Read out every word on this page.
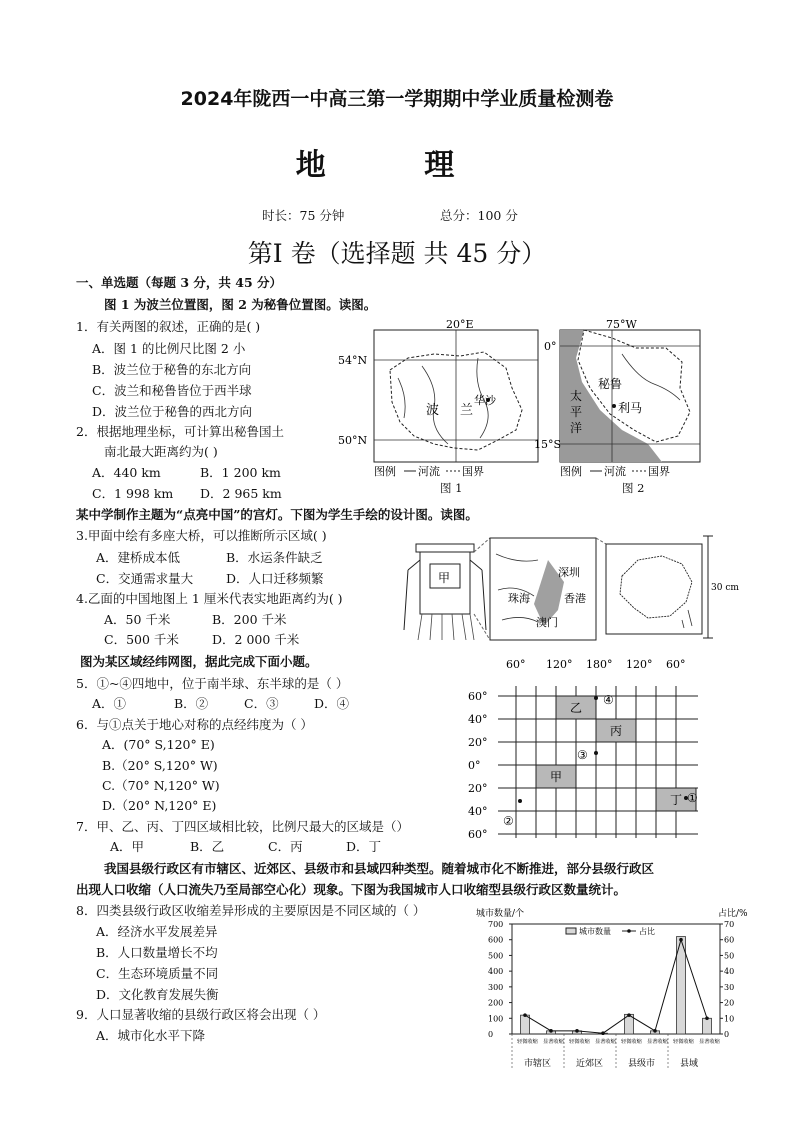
2024年陇西一中高三第一学期期中学业质量检测卷
地 理
时长：75 分钟	总分：100 分
第Ⅰ 卷（选择题 共 45 分）
一、单选题（每题 3 分，共 45 分）
图 1 为波兰位置图，图 2 为秘鲁位置图。读图。
1．有关两图的叙述，正确的是( )
A．图 1 的比例尺比图 2 小
B．波兰位于秘鲁的东北方向
C．波兰和秘鲁皆位于西半球
D．波兰位于秘鲁的西北方向
2．根据地理坐标，可计算出秘鲁国土
南北最大距离约为( )
A．440 km	B．1 200 km
C．1 998 km D．2 965 km
某中学制作主题为“点亮中国”的宫灯。下图为学生手绘的设计图。读图。
3.甲面中绘有多座大桥，可以推断所示区域( )
A．建桥成本低	B．水运条件缺乏
C．交通需求量大	D．人口迁移频繁
4.乙面的中国地图上 1 厘米代表实地距离约为( )
A．50 千米	B．200 千米
C．500 千米	D．2 000 千米
图为某区域经纬网图，据此完成下面小题。
5．①~④四地中，位于南半球、东半球的是（ ）
A．①	B．②	C．③	D．④
6．与①点关于地心对称的点经纬度为（ ）
A．(70° S,120° E)
B.（20° S,120° W)
C.（70° N,120° W)
D.（20° N,120° E)
7．甲、乙、丙、丁四区域相比较，比例尺最大的区域是（）
A．甲	B．乙	C．丙	D．丁
我国县级行政区有市辖区、近郊区、县级市和县域四种类型。随着城市化不断推进，部分县级行政区
出现人口收缩（人口流失乃至局部空心化）现象。下图为我国城市人口收缩型县级行政区数量统计。
8．四类县级行政区收缩差异形成的主要原因是不同区域的（ ）
A．经济水平发展差异
B．人口数量增长不均
C．生态环境质量不同
D．文化教育发展失衡
9．人口显著收缩的县级行政区将会出现（ ）
A．城市化水平下降
20°E
54°N
50°N
波 兰
华沙
图例 河流 国界
图 1
75°W
0°
15°S
秘鲁
利马
太
平
洋
图例 河流 国界
图 2
甲	深圳
珠海	香港
澳门
30 cm
60° 120° 180° 120° 60°
60°
40°
20°
0°
20°
40°
60°
乙
丙
甲
丁 ①
②
③
④
城市数量/个	占比/%
0
100
200
300
400
500
600
700
0
10
20
30
40
50
60
70
城市数量	占比
轻微收缩
市辖区
显著收缩 轻微收缩
近郊区
显著收缩 轻微收缩
县级市
显著收缩 轻微收缩
县域
显著收缩
